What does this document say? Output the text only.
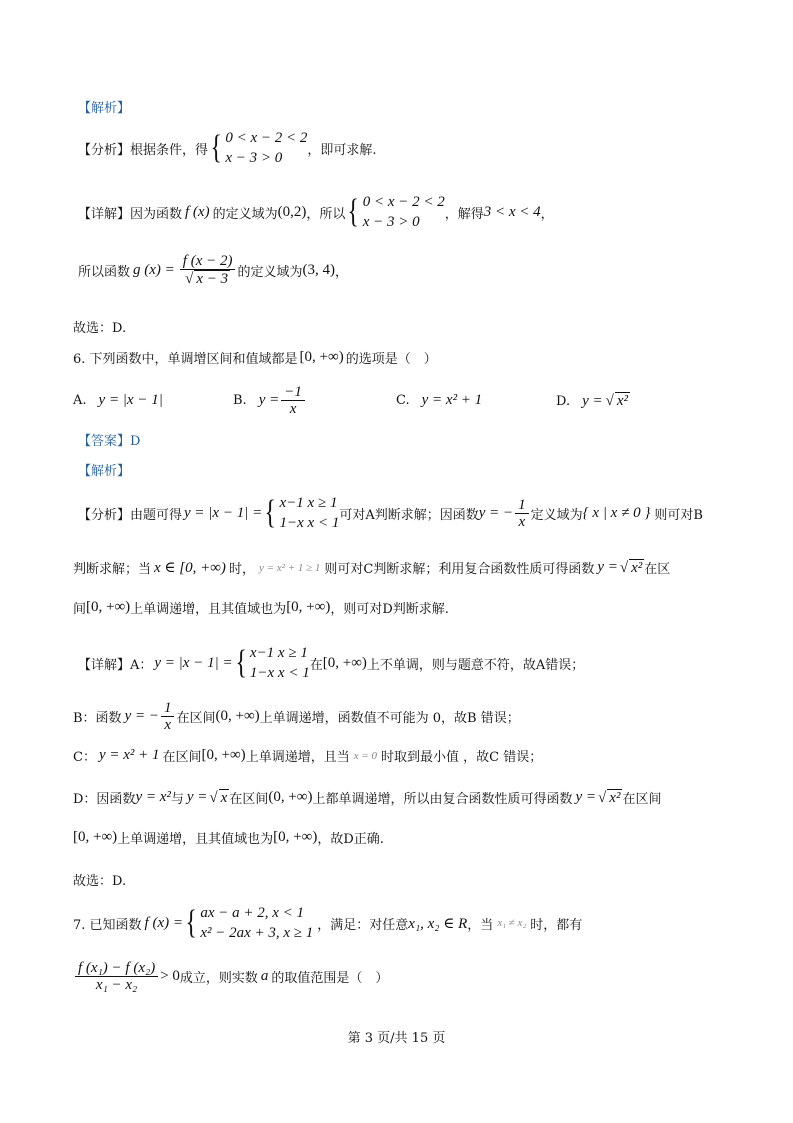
【解析】
【分析】根据条件，得 { 0 < x − 2 < 2
x − 3 > 0	，即可求解.
【详解】因为函数 f (x) 的定义域为 (0,2) ，所以 { 0 < x − 2 < 2
x − 3 > 0	，解得 3 < x < 4 ，
所以函数 g $(x) = \frac{f (x - 2)}{√ x - 3}$ 的定义域为 (3, 4) ，
故选：D.
6. 下列函数中，单调增区间和值域都是 [0, +∞) 的选项是（　）
A. y = |x − 1|	B. $y = \frac{-1}{x}$	C. y = x² + 1	D. y = √ x²
【答案】D
【解析】
【分析】由题可得 y = |x − 1| = { x−1 x ≥ 1
1−x x < 1 可对A判断求解；因函数 y = − $\frac{1}{x}$ 定义域为 { x | x ≠ 0 } 则可对B
判断求解；当 x ∈ [0, +∞) 时， y = x² + 1 ≥ 1 则可对C判断求解；利用复合函数性质可得函数 y = √ x² 在区
间 [0, +∞) 上单调递增，且其值域也为 [0, +∞) ，则可对D判断求解.
【详解】A： y = |x − 1| = { x−1 x ≥ 1
1−x x < 1 在 [0, +∞) 上不单调，则与题意不符，故A错误；
B：函数 y = − $\frac{1}{x}$ 在区间 (0, +∞) 上单调递增，函数值不可能为 0，故B 错误；
C： y = x² + 1 在区间 [0, +∞) 上单调递增，且当 x = 0 时取到最小值 ，故C 错误；
D：因函数 y = x² 与 y = √ x 在区间 (0, +∞) 上都单调递增，所以由复合函数性质可得函数 y = √ x² 在区间
[0, +∞) 上单调递增，且其值域也为 [0, +∞) ，故D正确.
故选：D.
7. 已知函数 f (x) = { ax − a + 2, x < 1
x² − 2ax + 3, x ≥ 1 ，满足：对任意 x₁, x₂ ∈ R ，当 x₁ ≠ x₂ 时，都有
$\frac{\text{f (x₁) − f (x₂)}}{\text{x₁ − x₂}} > 0$ 成立，则实数 a 的取值范围是（　）
第 3 页/共 15 页
